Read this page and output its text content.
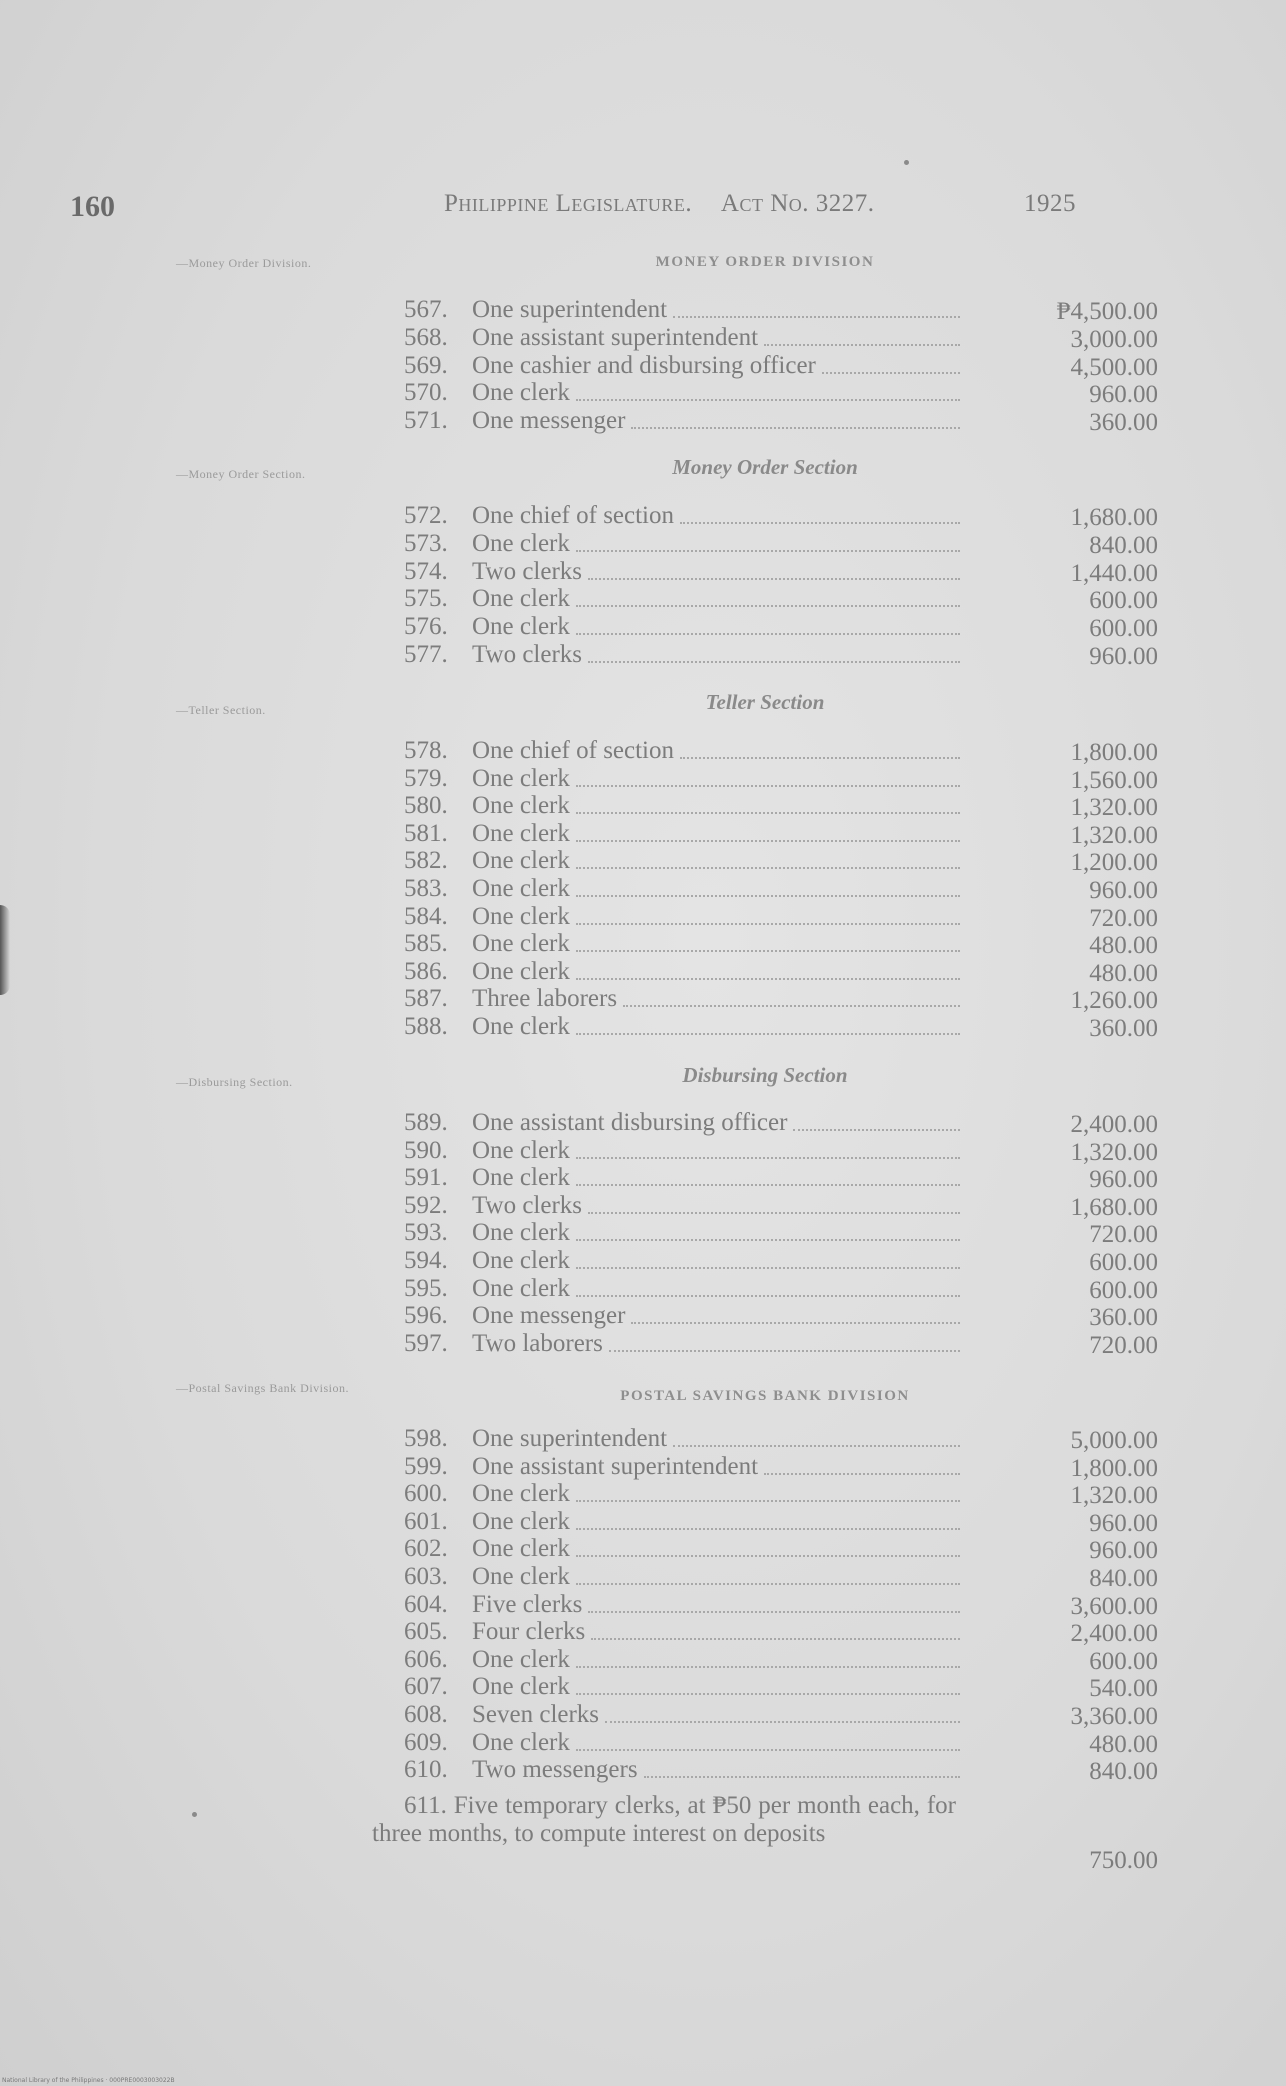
160	Philippine Legislature. Act No. 3227.	1925
—Money Order Division.
—Money Order Section.
—Teller Section.
—Disbursing Section.
—Postal Savings Bank Division.
MONEY ORDER DIVISION
Money Order Section
Teller Section
Disbursing Section
POSTAL SAVINGS BANK DIVISION
567. One superintendent	₱4,500.00
568. One assistant superintendent	3,000.00
569. One cashier and disbursing officer	4,500.00
570. One clerk	960.00
571. One messenger	360.00
572. One chief of section	1,680.00
573. One clerk	840.00
574. Two clerks	1,440.00
575. One clerk	600.00
576. One clerk	600.00
577. Two clerks	960.00
578. One chief of section	1,800.00
579. One clerk	1,560.00
580. One clerk	1,320.00
581. One clerk	1,320.00
582. One clerk	1,200.00
583. One clerk	960.00
584. One clerk	720.00
585. One clerk	480.00
586. One clerk	480.00
587. Three laborers	1,260.00
588. One clerk	360.00
589. One assistant disbursing officer	2,400.00
590. One clerk	1,320.00
591. One clerk	960.00
592. Two clerks	1,680.00
593. One clerk	720.00
594. One clerk	600.00
595. One clerk	600.00
596. One messenger	360.00
597. Two laborers	720.00
598. One superintendent	5,000.00
599. One assistant superintendent	1,800.00
600. One clerk	1,320.00
601. One clerk	960.00
602. One clerk	960.00
603. One clerk	840.00
604. Five clerks	3,600.00
605. Four clerks	2,400.00
606. One clerk	600.00
607. One clerk	540.00
608. Seven clerks	3,360.00
609. One clerk	480.00
610. Two messengers	840.00
611. Five temporary clerks, at ₱50 per month each, for three months, to compute interest on deposits
750.00
National Library of the Philippines · 000PRE0003003022B
